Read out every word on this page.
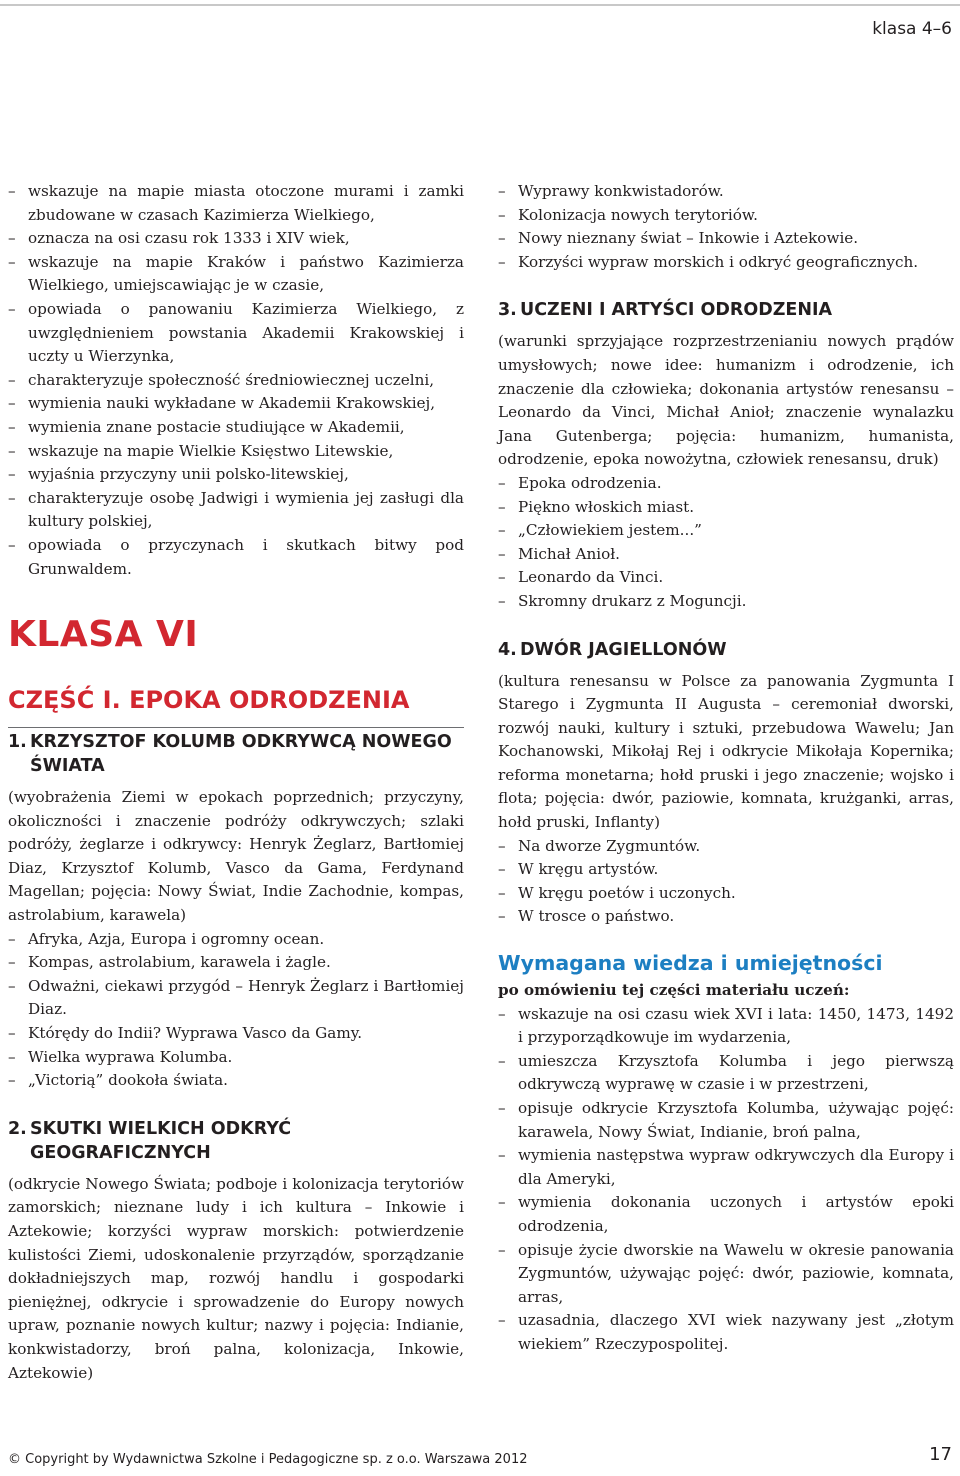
klasa 4–6
– wskazuje na mapie miasta otoczone murami i zamki zbudowane w czasach Kazimierza Wielkiego,
– oznacza na osi czasu rok 1333 i XIV wiek,
– wskazuje na mapie Kraków i państwo Kazimierza Wielkiego, umiejscawiając je w czasie,
– opowiada o panowaniu Kazimierza Wielkiego, z uwzględnieniem powstania Akademii Krakowskiej i uczty u Wierzynka,
– charakteryzuje społeczność średniowiecznej uczelni,
– wymienia nauki wykładane w Akademii Krakowskiej,
– wymienia znane postacie studiujące w Akademii,
– wskazuje na mapie Wielkie Księstwo Litewskie,
– wyjaśnia przyczyny unii polsko-litewskiej,
– charakteryzuje osobę Jadwigi i wymienia jej zasługi dla kultury polskiej,
– opowiada o przyczynach i skutkach bitwy pod Grunwaldem.
KLASA VI
CZĘŚĆ I. EPOKA ODRODZENIA
1. KRZYSZTOF KOLUMB ODKRYWCĄ NOWEGO ŚWIATA

(wyobrażenia Ziemi w epokach poprzednich; przyczyny, okoliczności i znaczenie podróży odkrywczych; szlaki podróży, żeglarze i odkrywcy: Henryk Żeglarz, Bartłomiej Diaz, Krzysztof Kolumb, Vasco da Gama, Ferdynand Magellan; pojęcia: Nowy Świat, Indie Zachodnie, kompas, astrolabium, karawela)

– Afryka, Azja, Europa i ogromny ocean.
– Kompas, astrolabium, karawela i żagle.
– Odważni, ciekawi przygód – Henryk Żeglarz i Bartłomiej Diaz.
– Którędy do Indii? Wyprawa Vasco da Gamy.
– Wielka wyprawa Kolumba.
– „Victorią” dookoła świata.
2. SKUTKI WIELKICH ODKRYĆ GEOGRAFICZNYCH

(odkrycie Nowego Świata; podboje i kolonizacja terytoriów zamorskich; nieznane ludy i ich kultura – Inkowie i Aztekowie; korzyści wypraw morskich: potwierdzenie kulistości Ziemi, udoskonalenie przyrządów, sporządzanie dokładniejszych map, rozwój handlu i gospodarki pieniężnej, odkrycie i sprowadzenie do Europy nowych upraw, poznanie nowych kultur; nazwy i pojęcia: Indianie, konkwistadorzy, broń palna, kolonizacja, Inkowie, Aztekowie)

– Wyprawy konkwistadorów.
– Kolonizacja nowych terytoriów.
– Nowy nieznany świat – Inkowie i Aztekowie.
– Korzyści wypraw morskich i odkryć geograficznych.
3. UCZENI I ARTYŚCI ODRODZENIA

(warunki sprzyjające rozprzestrzenianiu nowych prądów umysłowych; nowe idee: humanizm i odrodzenie, ich znaczenie dla człowieka; dokonania artystów renesansu – Leonardo da Vinci, Michał Anioł; znaczenie wynalazku Jana Gutenberga; pojęcia: humanizm, humanista, odrodzenie, epoka nowożytna, człowiek renesansu, druk)

– Epoka odrodzenia.
– Piękno włoskich miast.
– „Człowiekiem jestem...”
– Michał Anioł.
– Leonardo da Vinci.
– Skromny drukarz z Moguncji.
4. DWÓR JAGIELLONÓW

(kultura renesansu w Polsce za panowania Zygmunta I Starego i Zygmunta II Augusta – ceremoniał dworski, rozwój nauki, kultury i sztuki, przebudowa Wawelu; Jan Kochanowski, Mikołaj Rej i odkrycie Mikołaja Kopernika; reforma monetarna; hołd pruski i jego znaczenie; wojsko i flota; pojęcia: dwór, paziowie, komnata, krużganki, arras, hołd pruski, Inflanty)

– Na dworze Zygmuntów.
– W kręgu artystów.
– W kręgu poetów i uczonych.
– W trosce o państwo.
Wymagana wiedza i umiejętności
po omówieniu tej części materiału uczeń:
– wskazuje na osi czasu wiek XVI i lata: 1450, 1473, 1492 i przyporządkowuje im wydarzenia,
– umieszcza Krzysztofa Kolumba i jego pierwszą odkrywczą wyprawę w czasie i w przestrzeni,
– opisuje odkrycie Krzysztofa Kolumba, używając pojęć: karawela, Nowy Świat, Indianie, broń palna,
– wymienia następstwa wypraw odkrywczych dla Europy i dla Ameryki,
– wymienia dokonania uczonych i artystów epoki odrodzenia,
– opisuje życie dworskie na Wawelu w okresie panowania Zygmuntów, używając pojęć: dwór, paziowie, komnata, arras,
– uzasadnia, dlaczego XVI wiek nazywany jest „złotym wiekiem” Rzeczypospolitej.
© Copyright by Wydawnictwa Szkolne i Pedagogiczne sp. z o.o. Warszawa 2012	17
